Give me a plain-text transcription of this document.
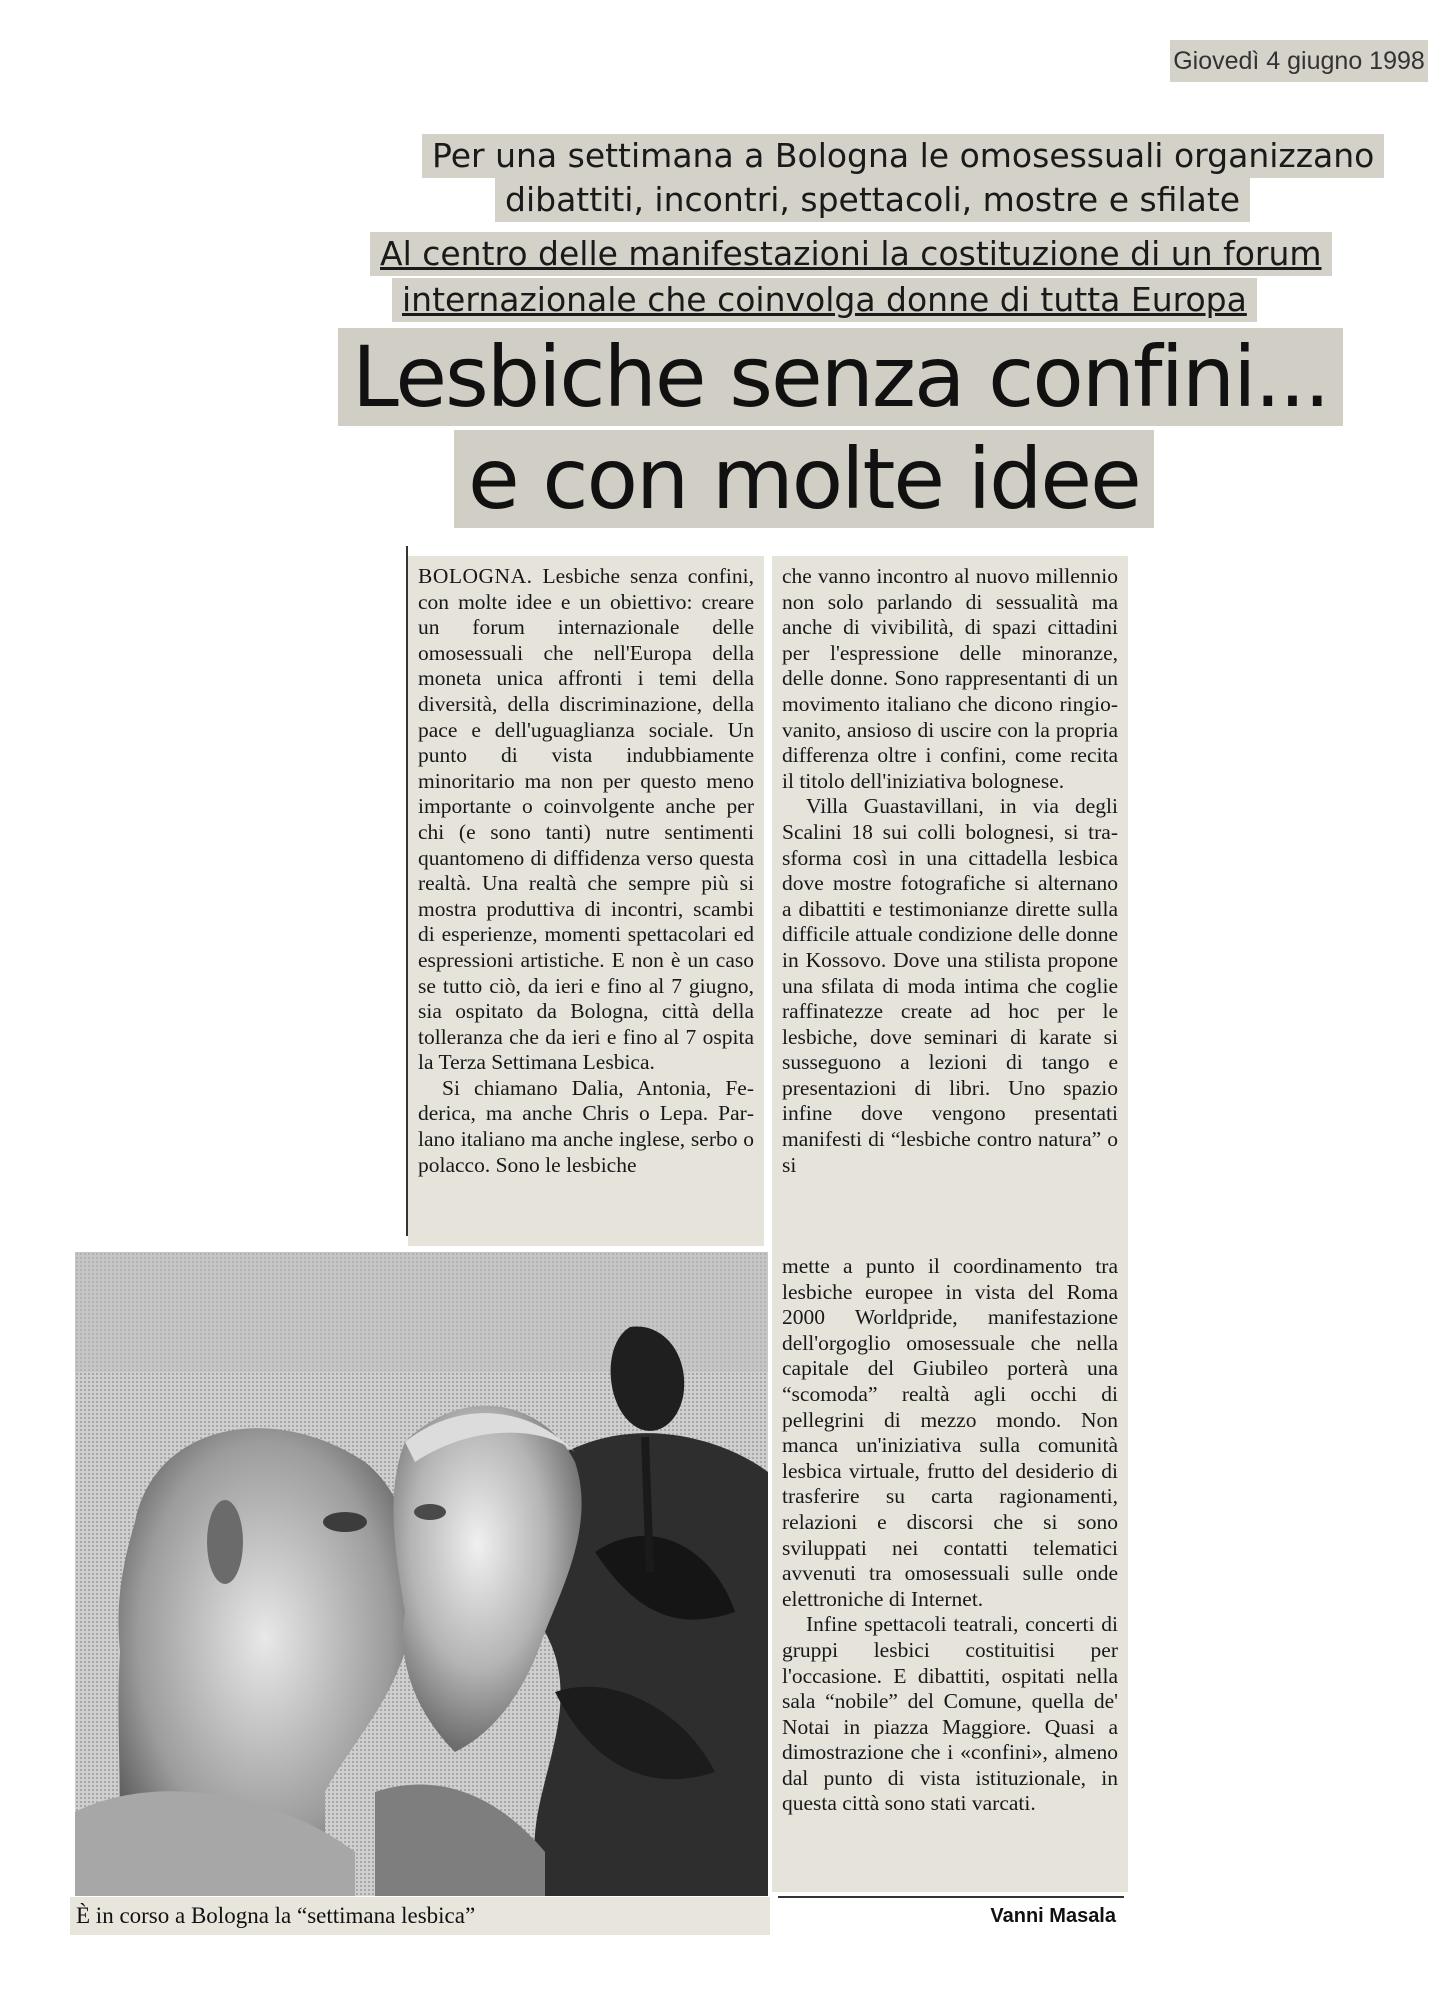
Giovedì 4 giugno 1998
Per una settimana a Bologna le omosessuali organizzano
dibattiti, incontri, spettacoli, mostre e sfilate
Al centro delle manifestazioni la costituzione di un forum
internazionale che coinvolga donne di tutta Europa
Lesbiche senza confini...
e con molte idee

BOLOGNA. Lesbiche senza confini, con molte idee e un obiettivo: creare un forum internazionale delle omosessuali che nell'Europa della moneta unica affronti i temi della diversità, della discriminazione, della pace e dell'uguaglianza sociale. Un punto di vista indubbiamente minoritario ma non per questo meno importante o coinvolgente anche per chi (e sono tanti) nutre sentimenti quantomeno di diffidenza verso questa realtà. Una realtà che sempre più si mostra produttiva di incontri, scambi di esperienze, momenti spettacolari ed espressioni artistiche. E non è un caso se tutto ciò, da ieri e fino al 7 giugno, sia ospitato da Bologna, città della tolleranza che da ieri e fino al 7 ospita la Terza Settimana Lesbica.

Si chiamano Dalia, Antonia, Federica, ma anche Chris o Lepa. Parlano italiano ma anche inglese, serbo o polacco. Sono le lesbiche

che vanno incontro al nuovo millennio non solo parlando di sessualità ma anche di vivibilità, di spazi cittadini per l'espressione delle minoranze, delle donne. Sono rappresentanti di un movimento italiano che dicono ringiovanito, ansioso di uscire con la propria differenza oltre i confini, come recita il titolo dell'iniziativa bolognese.

Villa Guastavillani, in via degli Scalini 18 sui colli bolognesi, si trasforma così in una cittadella lesbica dove mostre fotografiche si alternano a dibattiti e testimonianze dirette sulla difficile attuale condizione delle donne in Kossovo. Dove una stilista propone una sfilata di moda intima che coglie raffinatezze create ad hoc per le lesbiche, dove seminari di karate si susseguono a lezioni di tango e presentazioni di libri. Uno spazio infine dove vengono presentati manifesti di “lesbiche contro natura” o si

mette a punto il coordinamento tra lesbiche europee in vista del Roma 2000 Worldpride, manifestazione dell'orgoglio omosessuale che nella capitale del Giubileo porterà una “scomoda” realtà agli occhi di pellegrini di mezzo mondo. Non manca un'iniziativa sulla comunità lesbica virtuale, frutto del desiderio di trasferire su carta ragionamenti, relazioni e discorsi che si sono sviluppati nei contatti telematici avvenuti tra omosessuali sulle onde elettroniche di Internet.

Infine spettacoli teatrali, concerti di gruppi lesbici costituitisi per l'occasione. E dibattiti, ospitati nella sala “nobile” del Comune, quella de' Notai in piazza Maggiore. Quasi a dimostrazione che i «confini», almeno dal punto di vista istituzionale, in questa città sono stati varcati.

È in corso a Bologna la “settimana lesbica”	Vanni Masala
